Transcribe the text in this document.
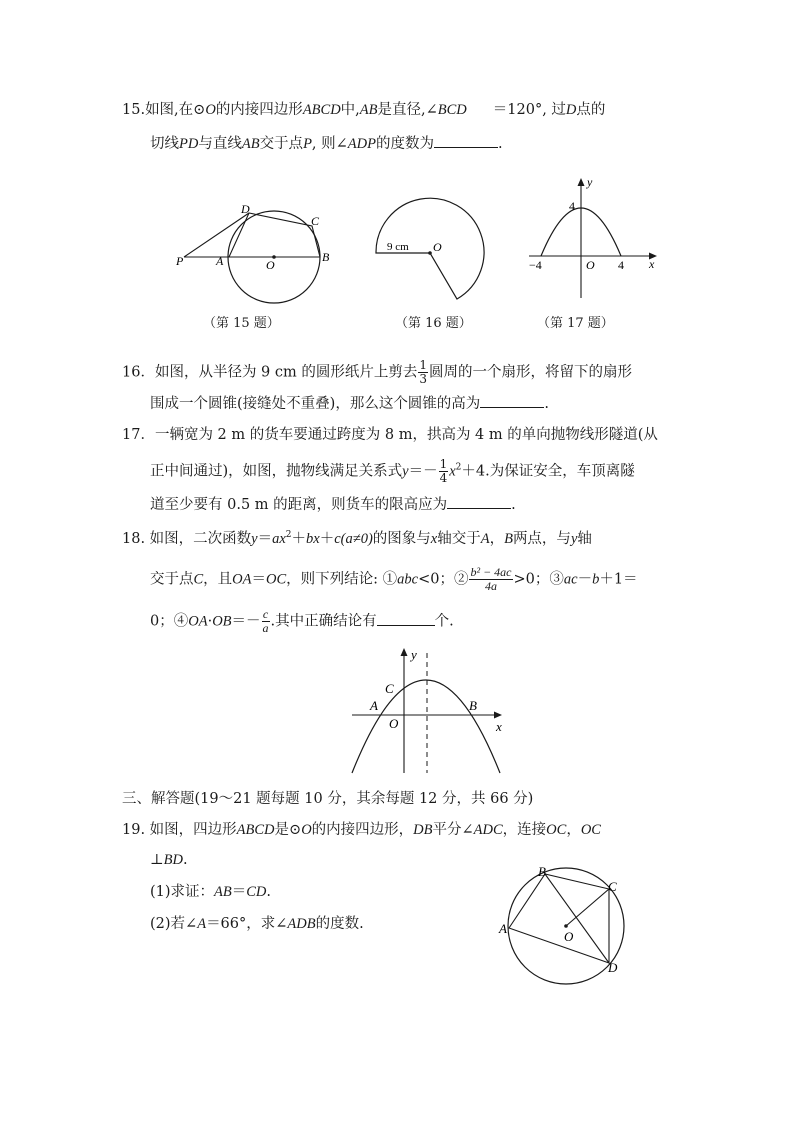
15.如图,在⊙O的内接四边形ABCD中,AB是直径,∠BCD ＝120°, 过D点的
切线PD与直线AB交于点P, 则∠ADP的度数为	.
P	A	O
B
D
C
（第 15 题）
9 cm O
（第 16 题）
y
x
4
−4	O 4
（第 17 题）
16．如图，从半径为 9 cm 的圆形纸片上剪去 $\frac{1}{3}$ 圆周的一个扇形，将留下的扇形
围成一个圆锥(接缝处不重叠)，那么这个圆锥的高为	.
17．一辆宽为 2 m 的货车要通过跨度为 8 m，拱高为 4 m 的单向抛物线形隧道(从
正中间通过)，如图，抛物线满足关系式$y=- \frac{1}{4} x^2+4$.为保证安全，车顶离隧
道至少要有 0.5 m 的距离，则货车的限高应为	.
18. 如图，二次函数$y=ax^2+bx+c(a\ne 0)$的图象与x轴交于A，B两点，与y轴
交于点C，且OA＝OC，则下列结论: ①abc<0；② $\frac{\text{b² − 4ac}}{4a} >0$；③ac－b＋1＝
0；④OA·OB＝－ $\frac{c}{a}$ .其中正确结论有	个.
y
x
C
A
O
B
三、解答题(19～21 题每题 10 分，其余每题 12 分，共 66 分)
19. 如图，四边形ABCD是⊙O的内接四边形，DB平分∠ADC，连接OC，OC
⊥BD.
(1)求证：AB＝CD.
(2)若∠A＝66°，求∠ADB的度数.	A
B
C
D
O
